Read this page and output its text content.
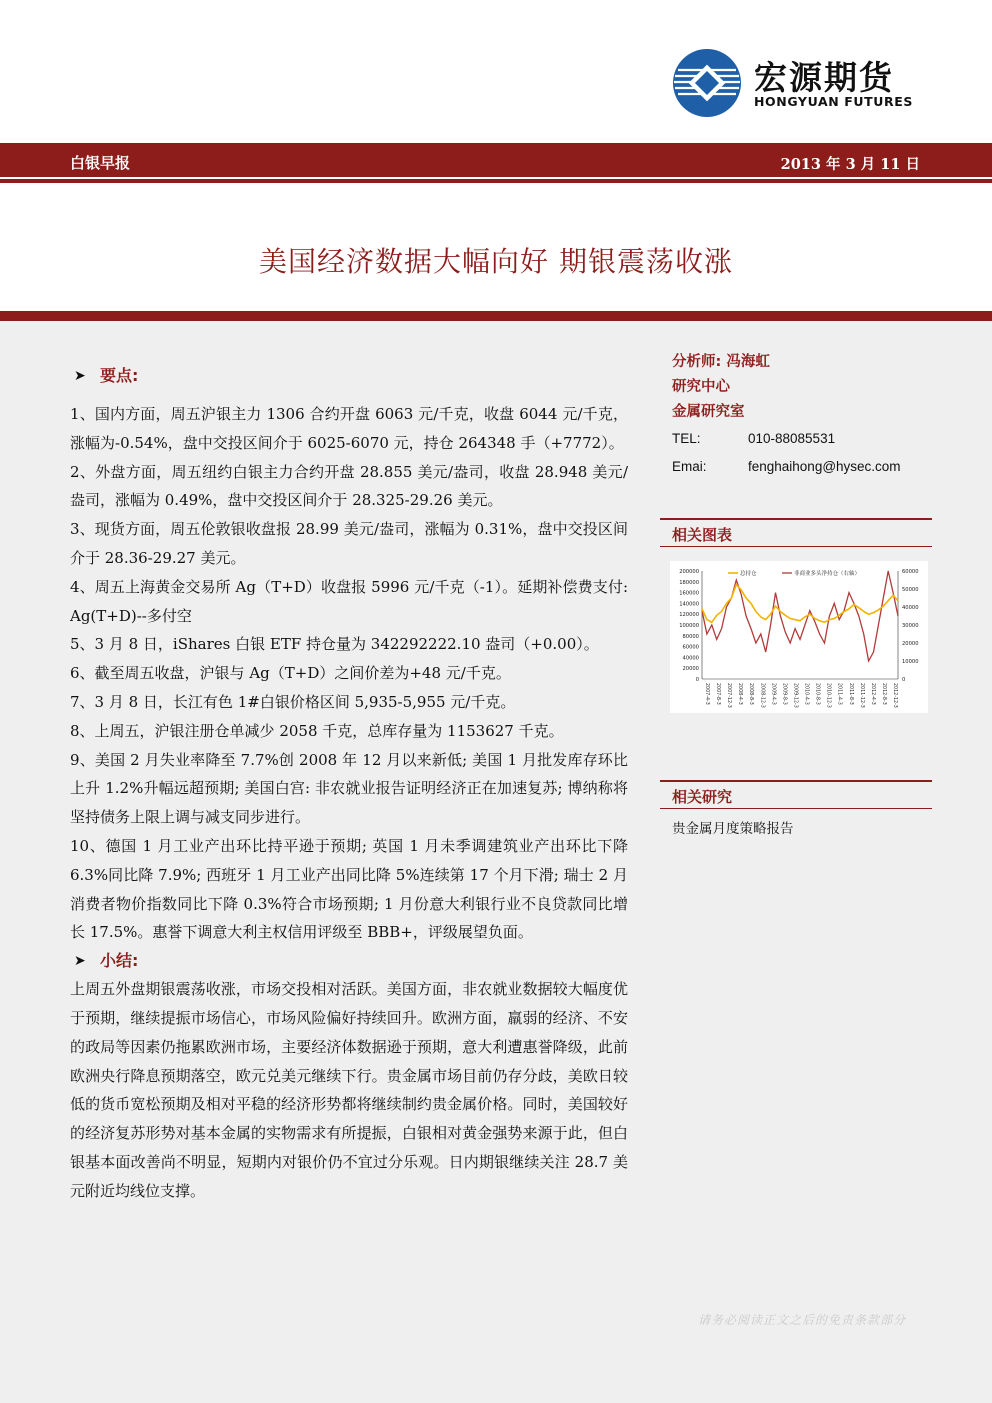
宏源期货
HONGYUAN FUTURES
白银早报	2013 年 3 月 11 日
美国经济数据大幅向好 期银震荡收涨
➤ 要点:

1、国内方面，周五沪银主力 1306 合约开盘 6063 元/千克，收盘 6044 元/千克，涨幅为-0.54%，盘中交投区间介于 6025-6070 元，持仓 264348 手（+7772）。

2、外盘方面，周五纽约白银主力合约开盘 28.855 美元/盎司，收盘 28.948 美元/盎司，涨幅为 0.49%，盘中交投区间介于 28.325-29.26 美元。

3、现货方面，周五伦敦银收盘报 28.99 美元/盎司，涨幅为 0.31%，盘中交投区间介于 28.36-29.27 美元。

4、周五上海黄金交易所 Ag（T+D）收盘报 5996 元/千克（-1）。延期补偿费支付: Ag(T+D)--多付空

5、3 月 8 日，iShares 白银 ETF 持仓量为 342292222.10 盎司（+0.00）。

6、截至周五收盘，沪银与 Ag（T+D）之间价差为+48 元/千克。

7、3 月 8 日，长江有色 1#白银价格区间 5,935-5,955 元/千克。

8、上周五，沪银注册仓单减少 2058 千克，总库存量为 1153627 千克。

9、美国 2 月失业率降至 7.7%创 2008 年 12 月以来新低; 美国 1 月批发库存环比上升 1.2%升幅远超预期; 美国白宫: 非农就业报告证明经济正在加速复苏; 博纳称将坚持债务上限上调与减支同步进行。

10、德国 1 月工业产出环比持平逊于预期; 英国 1 月未季调建筑业产出环比下降 6.3%同比降 7.9%; 西班牙 1 月工业产出同比降 5%连续第 17 个月下滑; 瑞士 2 月消费者物价指数同比下降 0.3%符合市场预期; 1 月份意大利银行业不良贷款同比增长 17.5%。惠誉下调意大利主权信用评级至 BBB+，评级展望负面。

➤ 小结:

上周五外盘期银震荡收涨，市场交投相对活跃。美国方面，非农就业数据较大幅度优于预期，继续提振市场信心，市场风险偏好持续回升。欧洲方面，羸弱的经济、不安的政局等因素仍拖累欧洲市场，主要经济体数据逊于预期，意大利遭惠誉降级，此前欧洲央行降息预期落空，欧元兑美元继续下行。贵金属市场目前仍存分歧，美欧日较低的货币宽松预期及相对平稳的经济形势都将继续制约贵金属价格。同时，美国较好的经济复苏形势对基本金属的实物需求有所提振，白银相对黄金强势来源于此，但白银基本面改善尚不明显，短期内对银价仍不宜过分乐观。日内期银继续关注 28.7 美元附近均线位支撑。

分析师: 冯海虹
研究中心
金属研究室
TEL:	010-88085531
Emai:	fenghaihong@hysec.com
相关图表
200000
180000
160000
140000
120000
100000
80000
60000
40000
20000
0
60000
50000
40000
30000
20000
10000
0
2007-4-3 2007-8-3 2007-12-3 2008-4-3 2008-8-3 2008-12-3 2009-4-3 2009-8-3 2009-12-3 2010-4-3 2010-8-3 2010-12-3 2011-4-3 2011-8-3 2011-12-3 2012-4-3 2012-8-3 2012-12-3
总持仓	非商业多头净持仓（右轴）
相关研究
贵金属月度策略报告
请务必阅读正文之后的免责条款部分
